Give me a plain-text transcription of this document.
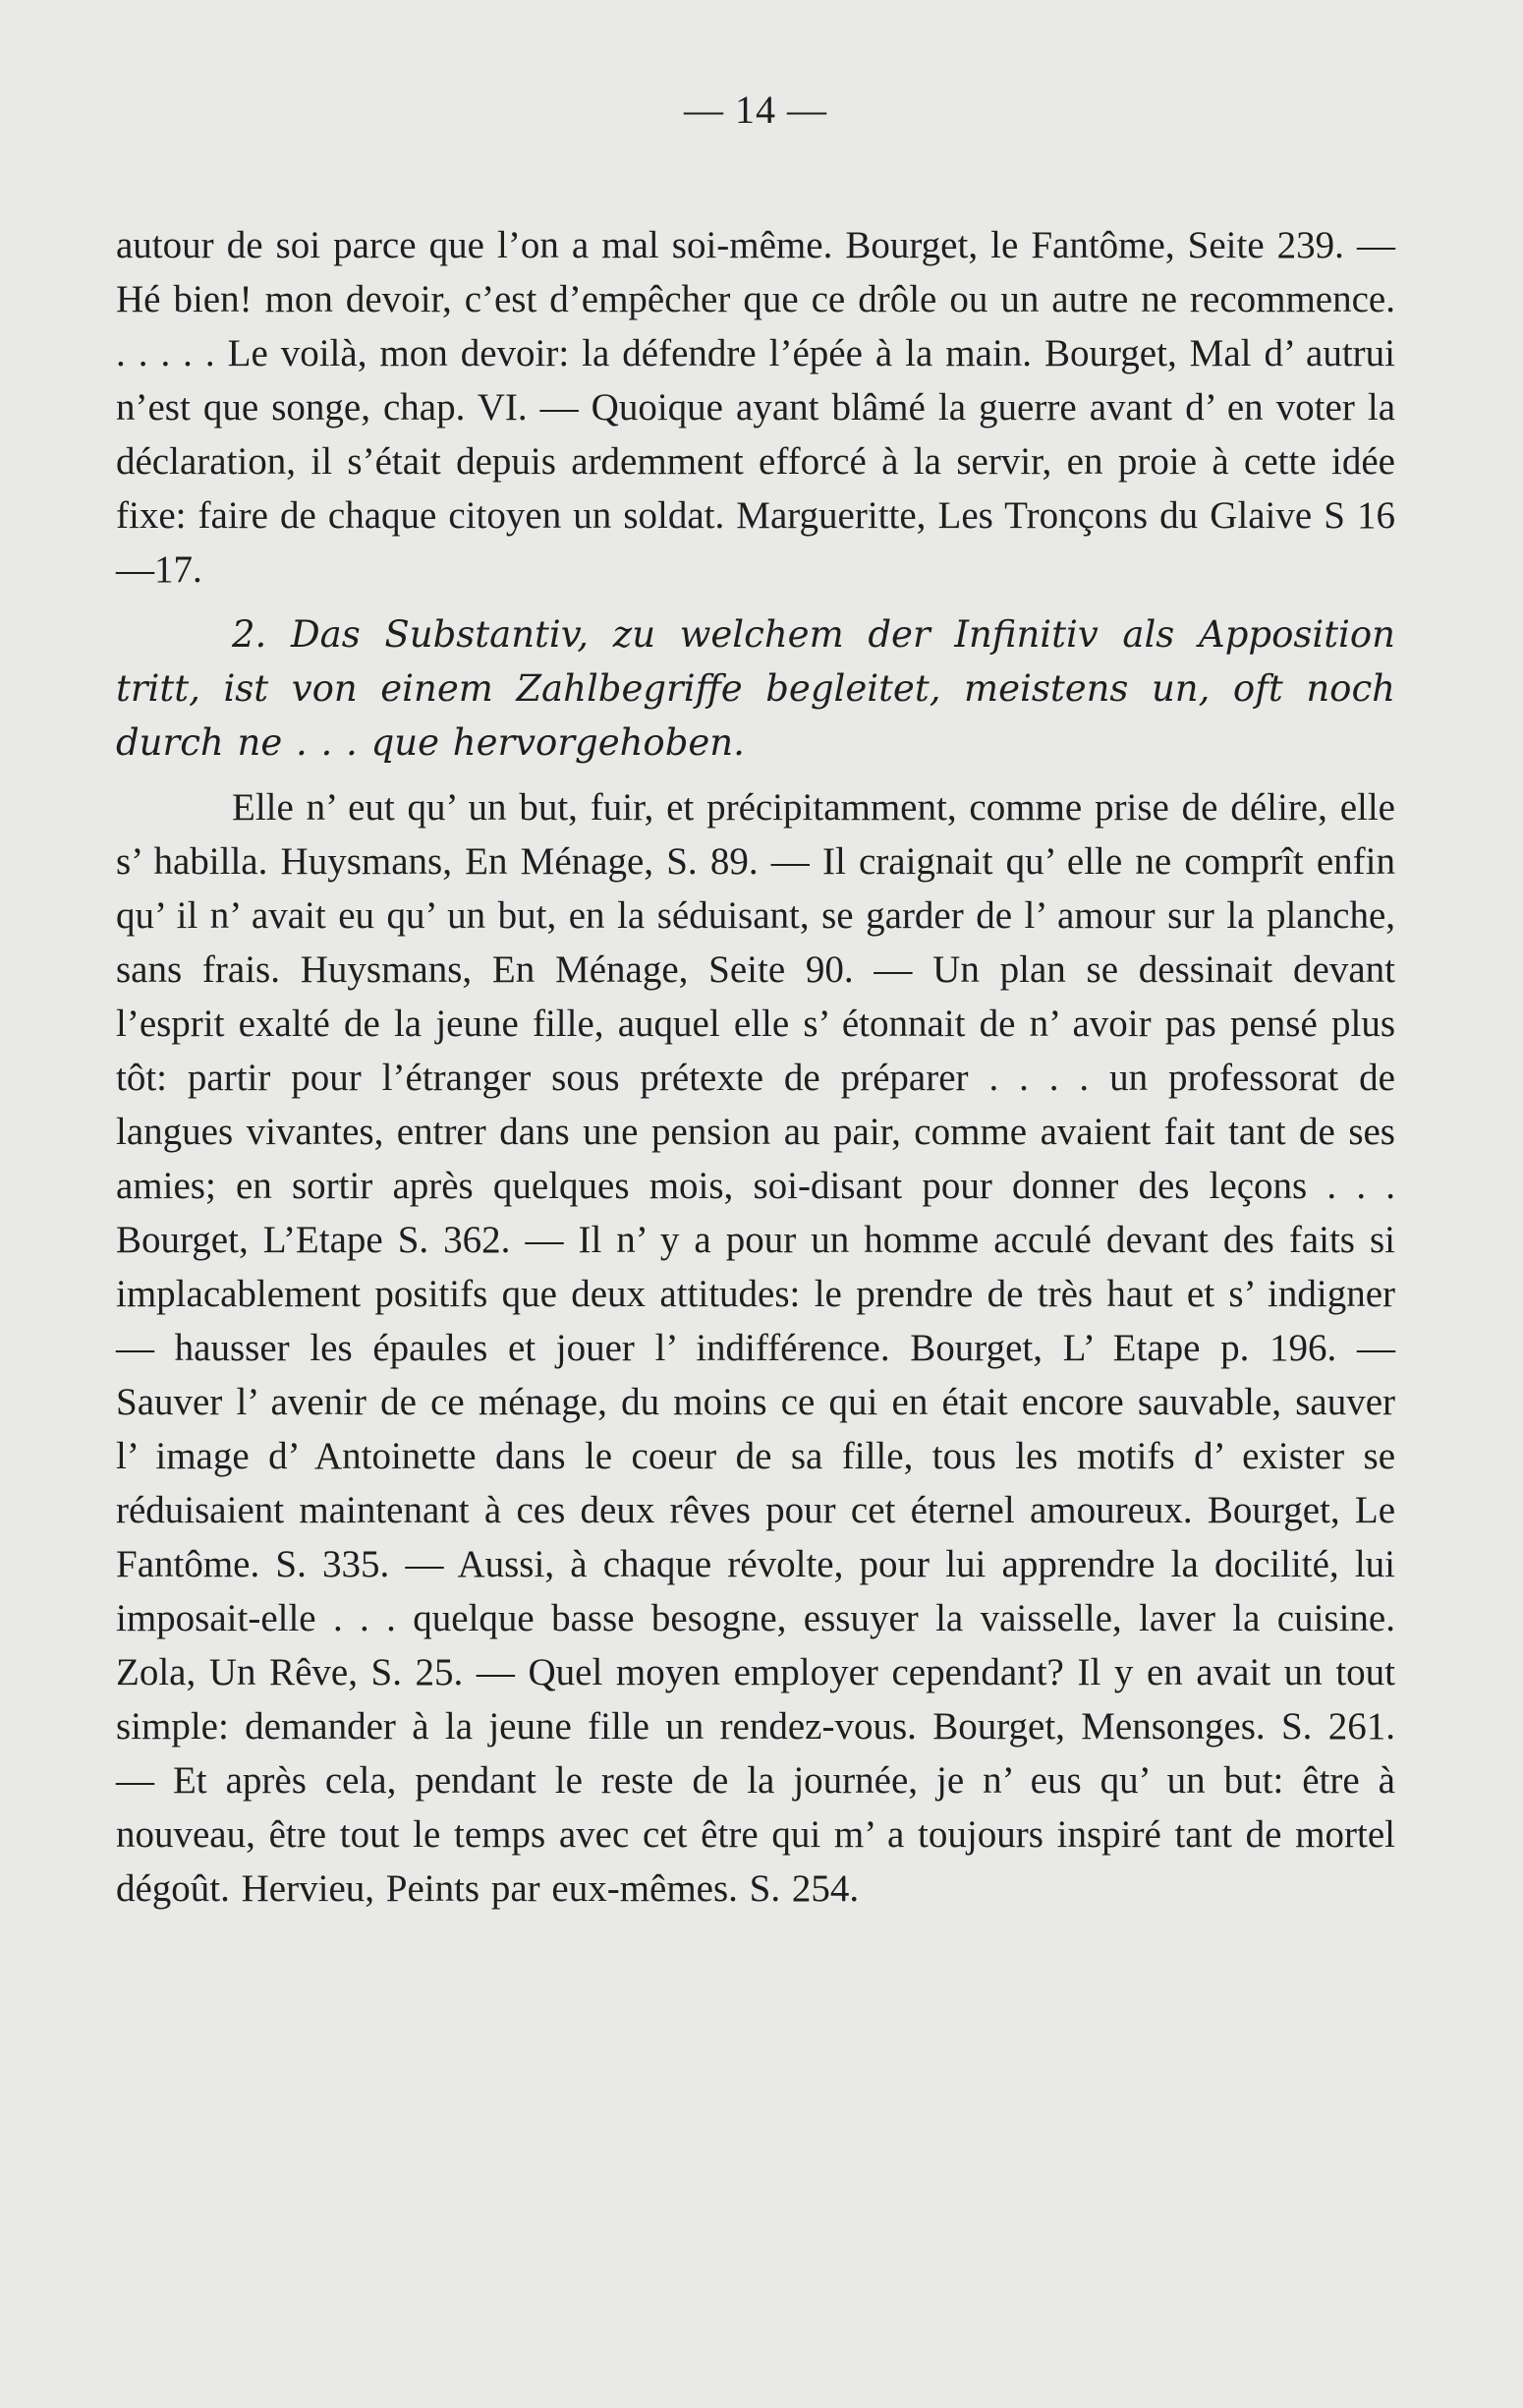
— 14 —

autour de soi parce que l’on a mal soi-même. Bourget, le Fantôme, Seite 239. — Hé bien! mon devoir, c’est d’empêcher que ce drôle ou un autre ne recommence. . . . . . Le voilà, mon devoir: la défendre l’épée à la main. Bourget, Mal d’ autrui n’est que songe, chap. VI. — Quoique ayant blâmé la guerre avant d’ en voter la déclaration, il s’était depuis ardemment efforcé à la servir, en proie à cette idée fixe: faire de chaque citoyen un soldat. Margueritte, Les Tronçons du Glaive S 16—17.

2. Das Substantiv, zu welchem der Infinitiv als Apposition tritt, ist von einem Zahlbegriffe begleitet, meistens un, oft noch durch ne . . . que hervorgehoben.

Elle n’ eut qu’ un but, fuir, et précipitamment, comme prise de délire, elle s’ habilla. Huysmans, En Ménage, S. 89. — Il craignait qu’ elle ne comprît enfin qu’ il n’ avait eu qu’ un but, en la séduisant, se garder de l’ amour sur la planche, sans frais. Huysmans, En Ménage, Seite 90. — Un plan se dessinait devant l’esprit exalté de la jeune fille, auquel elle s’ étonnait de n’ avoir pas pensé plus tôt: partir pour l’étranger sous prétexte de préparer . . . . un professorat de langues vivantes, entrer dans une pension au pair, comme avaient fait tant de ses amies; en sortir après quelques mois, soi-disant pour donner des leçons . . . Bourget, L’Etape S. 362. — Il n’ y a pour un homme acculé devant des faits si implacablement positifs que deux attitudes: le prendre de très haut et s’ indigner — hausser les épaules et jouer l’ indifférence. Bourget, L’ Etape p. 196. — Sauver l’ avenir de ce ménage, du moins ce qui en était encore sauvable, sauver l’ image d’ Antoinette dans le coeur de sa fille, tous les motifs d’ exister se réduisaient maintenant à ces deux rêves pour cet éternel amoureux. Bourget, Le Fantôme. S. 335. — Aussi, à chaque révolte, pour lui apprendre la docilité, lui imposait-elle . . . quelque basse besogne, essuyer la vaisselle, laver la cuisine. Zola, Un Rêve, S. 25. — Quel moyen employer cependant? Il y en avait un tout simple: demander à la jeune fille un rendez-vous. Bourget, Mensonges. S. 261. — Et après cela, pendant le reste de la journée, je n’ eus qu’ un but: être à nouveau, être tout le temps avec cet être qui m’ a toujours inspiré tant de mortel dégoût. Hervieu, Peints par eux-mêmes. S. 254.
